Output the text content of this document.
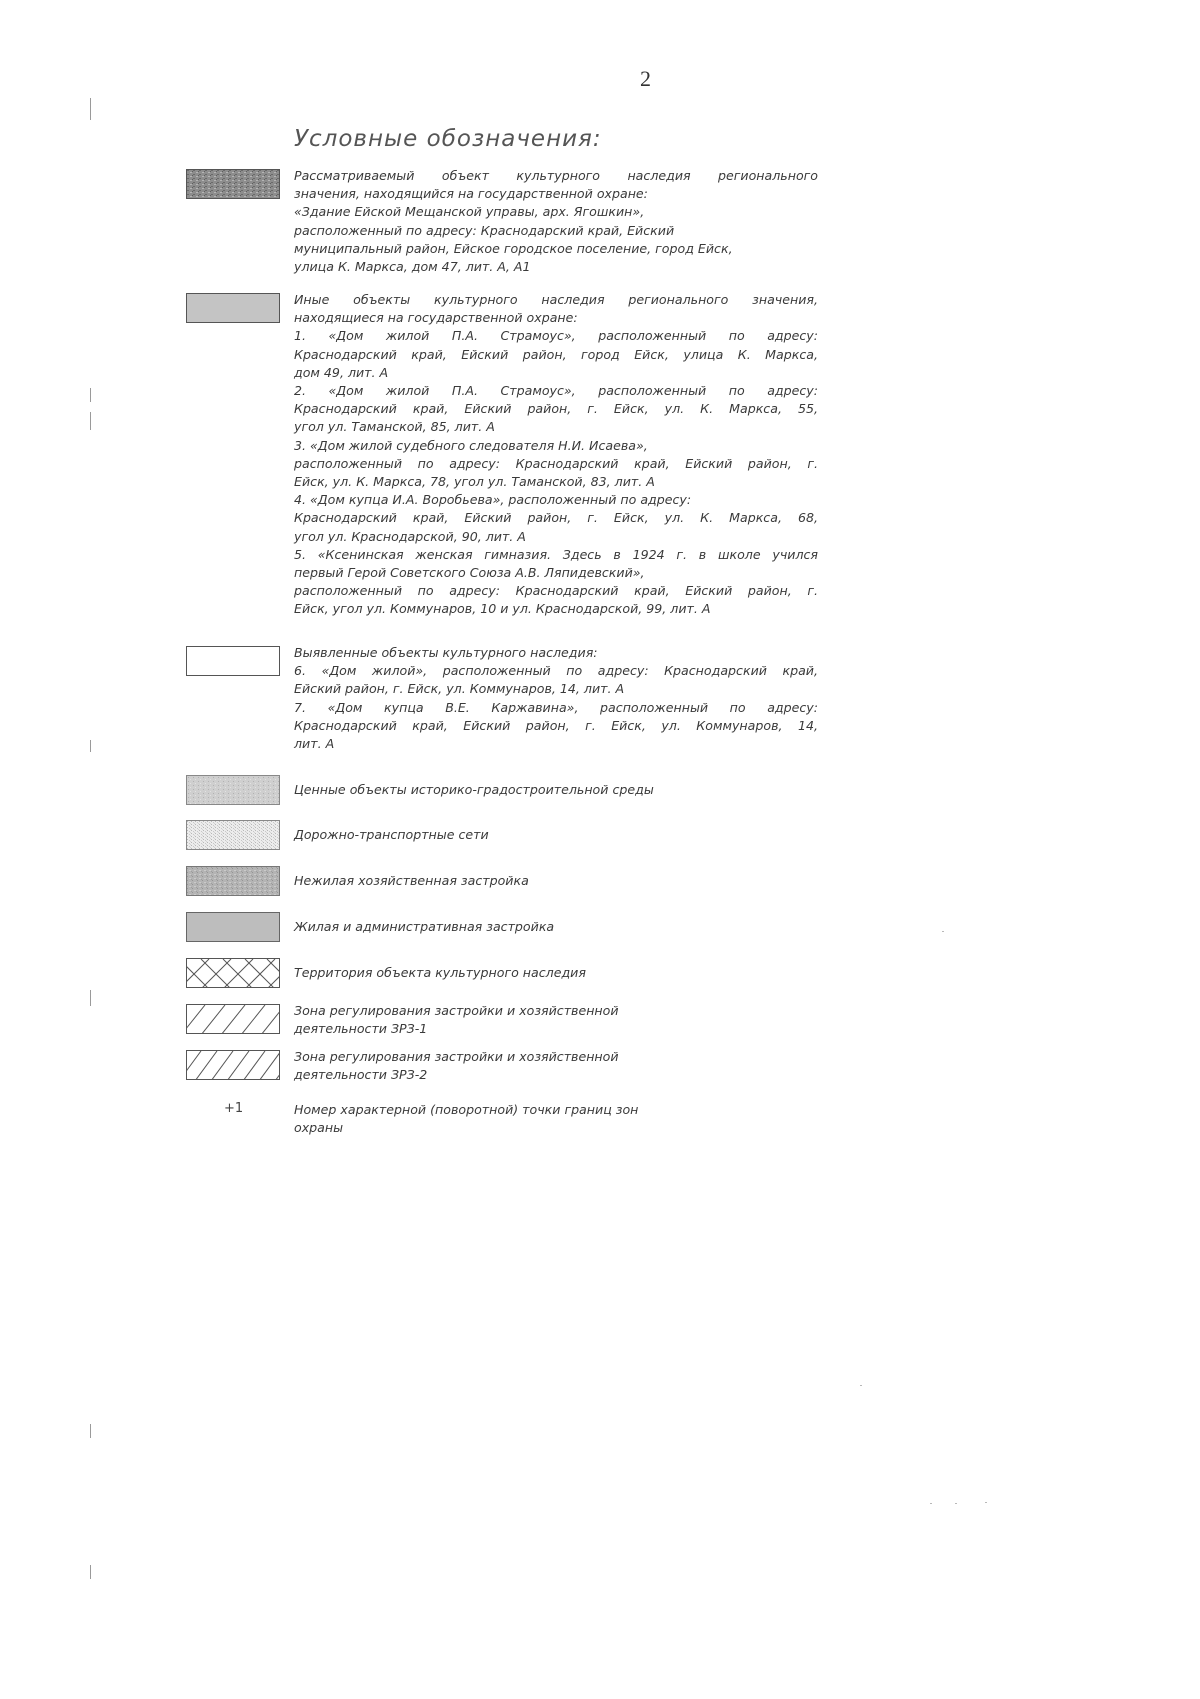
2
Условные обозначения:
Рассматриваемый объект культурного наследия регионального
значения, находящийся на государственной охране:
«Здание Ейской Мещанской управы, арх. Ягошкин»,
расположенный по адресу: Краснодарский край, Ейский
муниципальный район, Ейское городское поселение, город Ейск,
улица К. Маркса, дом 47, лит. А, А1
Иные объекты культурного наследия регионального значения,
находящиеся на государственной охране:
1. «Дом жилой П.А. Страмоус», расположенный по адресу:
Краснодарский край, Ейский район, город Ейск, улица К. Маркса,
дом 49, лит. А
2. «Дом жилой П.А. Страмоус», расположенный по адресу:
Краснодарский край, Ейский район, г. Ейск, ул. К. Маркса, 55,
угол ул. Таманской, 85, лит. А
3. «Дом жилой судебного следователя Н.И. Исаева»,
расположенный по адресу: Краснодарский край, Ейский район, г.
Ейск, ул. К. Маркса, 78, угол ул. Таманской, 83, лит. А
4. «Дом купца И.А. Воробьева», расположенный по адресу:
Краснодарский край, Ейский район, г. Ейск, ул. К. Маркса, 68,
угол ул. Краснодарской, 90, лит. А
5. «Ксенинская женская гимназия. Здесь в 1924 г. в школе учился
первый Герой Советского Союза А.В. Ляпидевский»,
расположенный по адресу: Краснодарский край, Ейский район, г.
Ейск, угол ул. Коммунаров, 10 и ул. Краснодарской, 99, лит. А
Выявленные объекты культурного наследия:
6. «Дом жилой», расположенный по адресу: Краснодарский край,
Ейский район, г. Ейск, ул. Коммунаров, 14, лит. А
7. «Дом купца В.Е. Каржавина», расположенный по адресу:
Краснодарский край, Ейский район, г. Ейск, ул. Коммунаров, 14,
лит. А
Ценные объекты историко-градостроительной среды
Дорожно-транспортные сети
Нежилая хозяйственная застройка
Жилая и административная застройка
Территория объекта культурного наследия
Зона регулирования застройки и хозяйственной
деятельности ЗРЗ-1
Зона регулирования застройки и хозяйственной
деятельности ЗРЗ-2
+1	Номер характерной (поворотной) точки границ зон
охраны
